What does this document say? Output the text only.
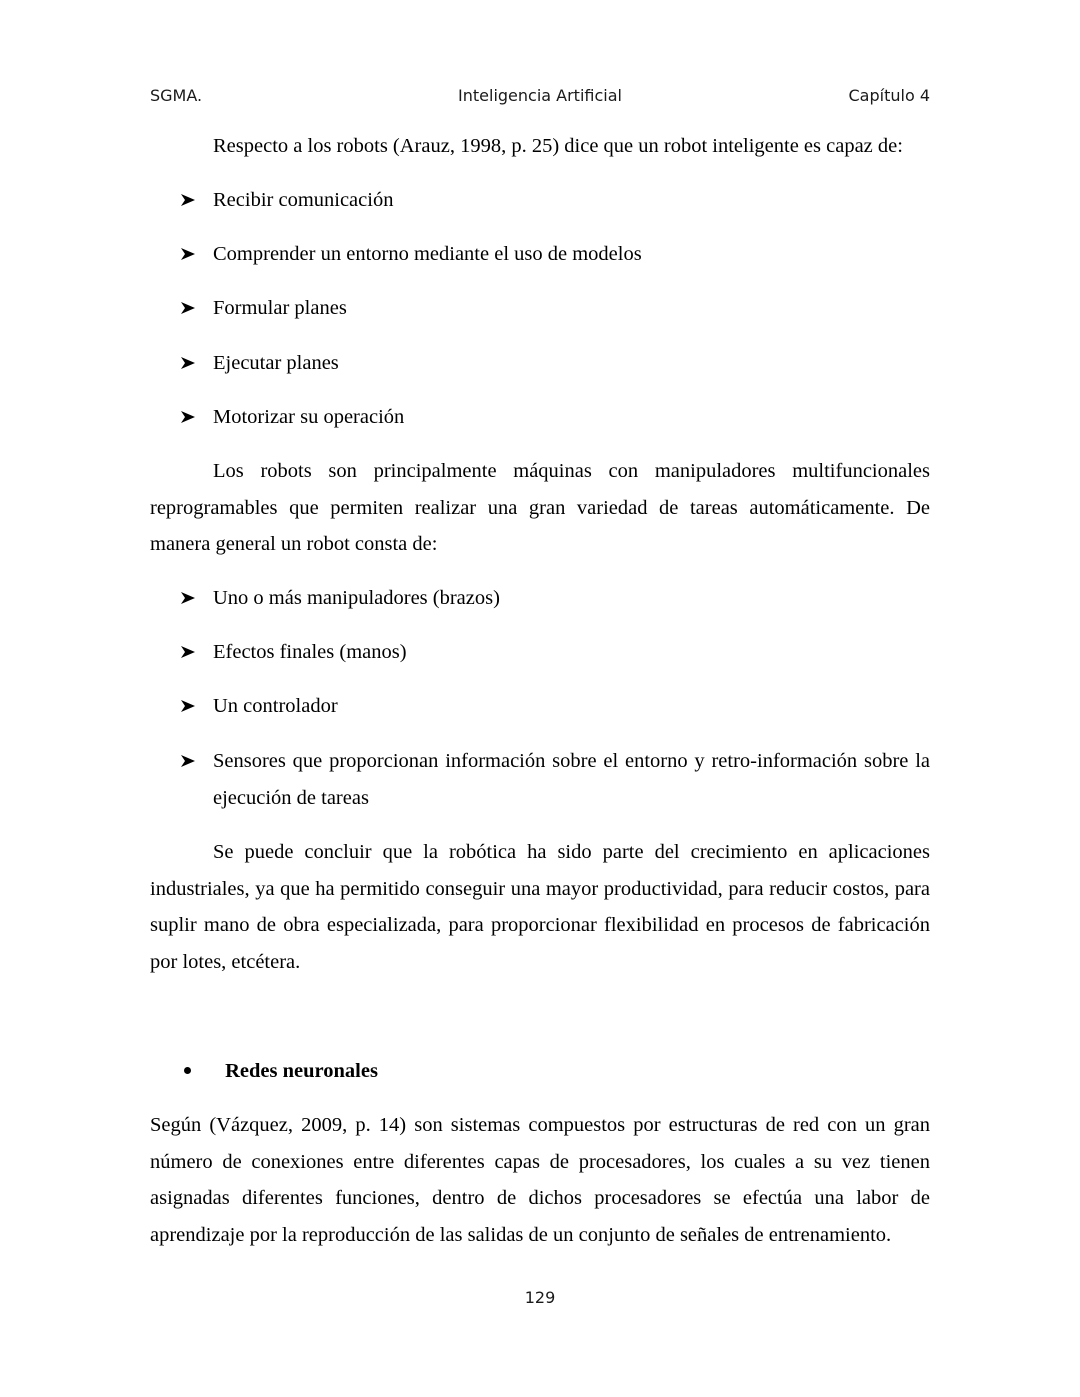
SGMA.	Inteligencia Artificial	Capítulo 4

Respecto a los robots (Arauz, 1998, p. 25) dice que un robot inteligente es capaz de:

Recibir comunicación
Comprender un entorno mediante el uso de modelos
Formular planes
Ejecutar planes
Motorizar su operación

Los robots son principalmente máquinas con manipuladores multifuncionales reprogramables que permiten realizar una gran variedad de tareas automáticamente. De manera general un robot consta de:

Uno o más manipuladores (brazos)
Efectos finales (manos)
Un controlador
Sensores que proporcionan información sobre el entorno y retro-información sobre la ejecución de tareas

Se puede concluir que la robótica ha sido parte del crecimiento en aplicaciones industriales, ya que ha permitido conseguir una mayor productividad, para reducir costos, para suplir mano de obra especializada, para proporcionar flexibilidad en procesos de fabricación por lotes, etcétera.

Redes neuronales

Según (Vázquez, 2009, p. 14) son sistemas compuestos por estructuras de red con un gran número de conexiones entre diferentes capas de procesadores, los cuales a su vez tienen asignadas diferentes funciones, dentro de dichos procesadores se efectúa una labor de aprendizaje por la reproducción de las salidas de un conjunto de señales de entrenamiento.

129
